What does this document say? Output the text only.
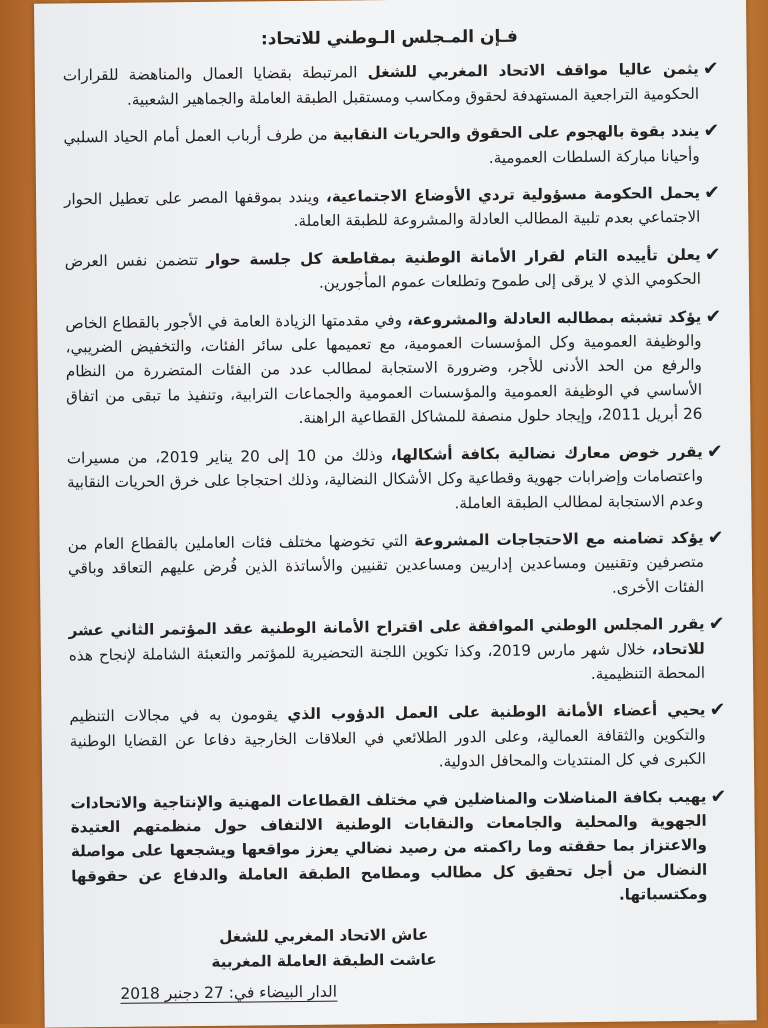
فـإن المـجلس الـوطني للاتحاد:
✔
يثمن عاليا مواقف الاتحاد المغربي للشغل المرتبطة بقضايا العمال والمناهضة للقرارات الحكومية التراجعية المستهدفة لحقوق ومكاسب ومستقبل الطبقة العاملة والجماهير الشعبية.
✔
يندد بقوة بالهجوم على الحقوق والحريات النقابية من طرف أرباب العمل أمام الحياد السلبي وأحيانا مباركة السلطات العمومية.
✔
يحمل الحكومة مسؤولية تردي الأوضاع الاجتماعية، ويندد بموقفها المصر على تعطيل الحوار الاجتماعي بعدم تلبية المطالب العادلة والمشروعة للطبقة العاملة.
✔
يعلن تأييده التام لقرار الأمانة الوطنية بمقاطعة كل جلسة حوار تتضمن نفس العرض الحكومي الذي لا يرقى إلى طموح وتطلعات عموم المأجورين.
✔
يؤكد تشبثه بمطالبه العادلة والمشروعة، وفي مقدمتها الزيادة العامة في الأجور بالقطاع الخاص والوظيفة العمومية وكل المؤسسات العمومية، مع تعميمها على سائر الفئات، والتخفيض الضريبي، والرفع من الحد الأدنى للأجر، وضرورة الاستجابة لمطالب عدد من الفئات المتضررة من النظام الأساسي في الوظيفة العمومية والمؤسسات العمومية والجماعات الترابية، وتنفيذ ما تبقى من اتفاق 26 أبريل 2011، وإيجاد حلول منصفة للمشاكل القطاعية الراهنة.
✔
يقرر خوض معارك نضالية بكافة أشكالها، وذلك من 10 إلى 20 يناير 2019، من مسيرات واعتصامات وإضرابات جهوية وقطاعية وكل الأشكال النضالية، وذلك احتجاجا على خرق الحريات النقابية وعدم الاستجابة لمطالب الطبقة العاملة.
✔
يؤكد تضامنه مع الاحتجاجات المشروعة التي تخوضها مختلف فئات العاملين بالقطاع العام من متصرفين وتقنيين ومساعدين إداريين ومساعدين تقنيين والأساتذة الذين فُرض عليهم التعاقد وباقي الفئات الأخرى.
✔
يقرر المجلس الوطني الموافقة على اقتراح الأمانة الوطنية عقد المؤتمر الثاني عشر للاتحاد، خلال شهر مارس 2019، وكذا تكوين اللجنة التحضيرية للمؤتمر والتعبئة الشاملة لإنجاح هذه المحطة التنظيمية.
✔
يحيي أعضاء الأمانة الوطنية على العمل الدؤوب الذي يقومون به في مجالات التنظيم والتكوين والثقافة العمالية، وعلى الدور الطلائعي في العلاقات الخارجية دفاعا عن القضايا الوطنية الكبرى في كل المنتديات والمحافل الدولية.
✔
يهيب بكافة المناضلات والمناضلين في مختلف القطاعات المهنية والإنتاجية والاتحادات الجهوية والمحلية والجامعات والنقابات الوطنية الالتفاف حول منظمتهم العتيدة والاعتزاز بما حققته وما راكمته من رصيد نضالي يعزز مواقعها ويشجعها على مواصلة النضال من أجل تحقيق كل مطالب ومطامح الطبقة العاملة والدفاع عن حقوقها ومكتسباتها.
عاش الاتحاد المغربي للشغل
عاشت الطبقة العاملة المغربية
الدار البيضاء في: 27 دجنبر 2018
